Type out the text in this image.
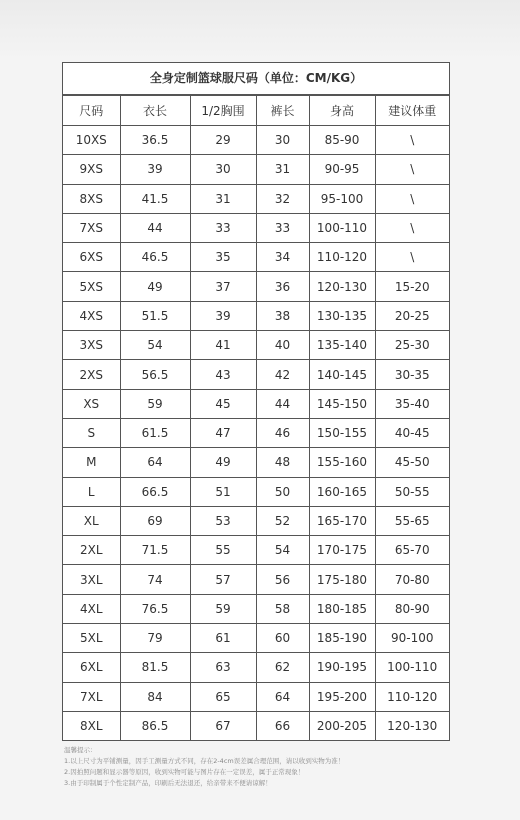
全身定制篮球服尺码（单位：CM/KG）
尺码	衣长	1/2胸围	裤长	身高	建议体重
10XS	36.5	29	30	85-90	\
9XS	39	30	31	90-95	\
8XS	41.5	31	32	95-100	\
7XS	44	33	33	100-110	\
6XS	46.5	35	34	110-120	\
5XS	49	37	36	120-130	15-20
4XS	51.5	39	38	130-135	20-25
3XS	54	41	40	135-140	25-30
2XS	56.5	43	42	140-145	30-35
XS	59	45	44	145-150	35-40
S	61.5	47	46	150-155	40-45
M	64	49	48	155-160	45-50
L	66.5	51	50	160-165	50-55
XL	69	53	52	165-170	55-65
2XL	71.5	55	54	170-175	65-70
3XL	74	57	56	175-180	70-80
4XL	76.5	59	58	180-185	80-90
5XL	79	61	60	185-190	90-100
6XL	81.5	63	62	190-195	100-110
7XL	84	65	64	195-200	110-120
8XL	86.5	67	66	200-205	120-130
温馨提示：
1.以上尺寸为平铺测量，因手工测量方式不同，存在2-4cm误差属合理范围，请以收到实物为准！
2.因拍照问题和显示器等原因，收到实物可能与图片存在一定误差，属于正常现象！
3.由于印制属于个性定制产品，印刷后无法退还，给亲带来不便请谅解！
